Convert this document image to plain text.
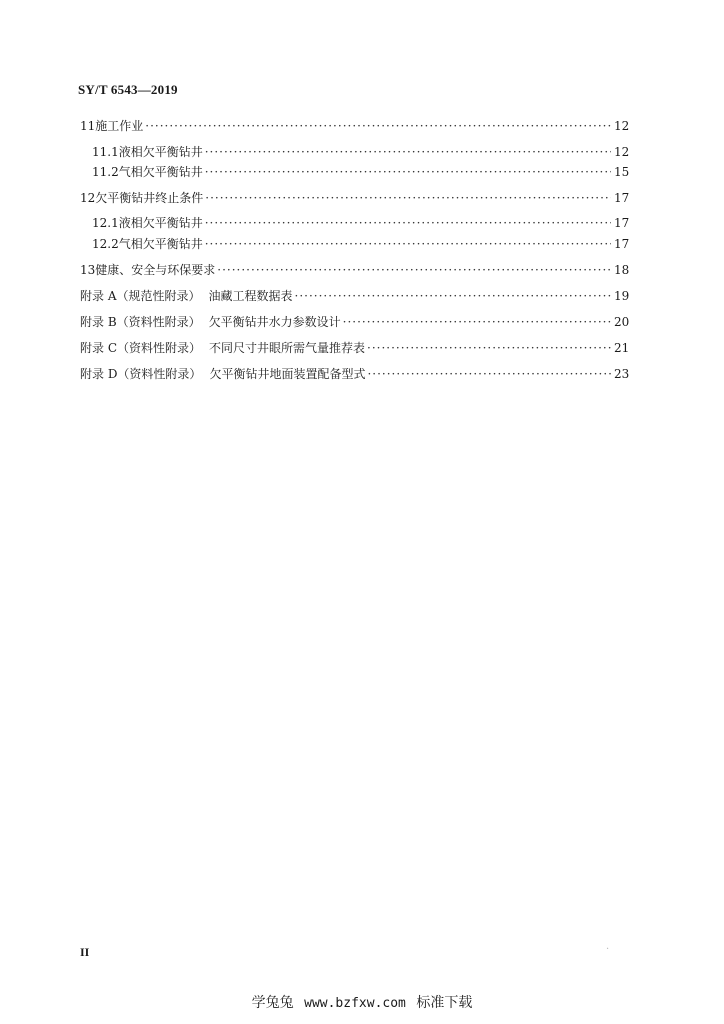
SY/T 6543—2019
11 施工作业 ·····	12
11.1 液相欠平衡钻井 ·····	12
11.2 气相欠平衡钻井 ·····	15
12 欠平衡钻井终止条件 ·····	17
12.1 液相欠平衡钻井 ·····	17
12.2 气相欠平衡钻井 ·····	17
13 健康、安全与环保要求 ·····	18
附录 A（规范性附录） 油藏工程数据表 ·····	19
附录 B（资料性附录） 欠平衡钻井水力参数设计 ·····	20
附录 C（资料性附录） 不同尺寸井眼所需气量推荐表 ·····	21
附录 D（资料性附录） 欠平衡钻井地面装置配备型式 ·····	23
II	·
学兔兔 www.bzfxw.com 标准下载
